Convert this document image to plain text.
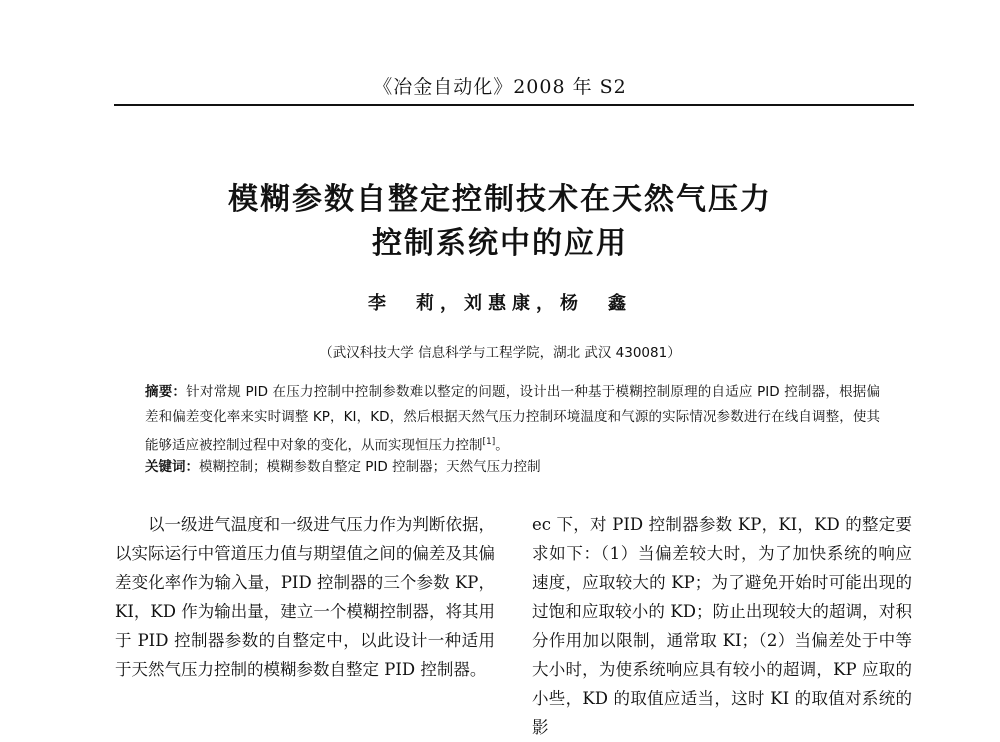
《冶金自动化》2008 年 S2
模糊参数自整定控制技术在天然气压力
控制系统中的应用
李　莉，刘惠康，杨　鑫
（武汉科技大学 信息科学与工程学院，湖北 武汉 430081）
摘要：针对常规 PID 在压力控制中控制参数难以整定的问题，设计出一种基于模糊控制原理的自适应 PID 控制器，根据偏差和偏差变化率来实时调整 KP，KI，KD，然后根据天然气压力控制环境温度和气源的实际情况参数进行在线自调整，使其能够适应被控制过程中对象的变化，从而实现恒压力控制[1]。
关键词：模糊控制；模糊参数自整定 PID 控制器；天然气压力控制
以一级进气温度和一级进气压力作为判断依据，以实际运行中管道压力值与期望值之间的偏差及其偏差变化率作为输入量，PID 控制器的三个参数 KP，KI，KD 作为输出量，建立一个模糊控制器，将其用于 PID 控制器参数的自整定中，以此设计一种适用于天然气压力控制的模糊参数自整定 PID 控制器。
ec 下，对 PID 控制器参数 KP，KI，KD 的整定要求如下：（1）当偏差较大时，为了加快系统的响应速度，应取较大的 KP；为了避免开始时可能出现的过饱和应取较小的 KD；防止出现较大的超调，对积分作用加以限制，通常取 KI；（2）当偏差处于中等大小时，为使系统响应具有较小的超调，KP 应取的小些，KD 的取值应适当，这时 KI 的取值对系统的影
